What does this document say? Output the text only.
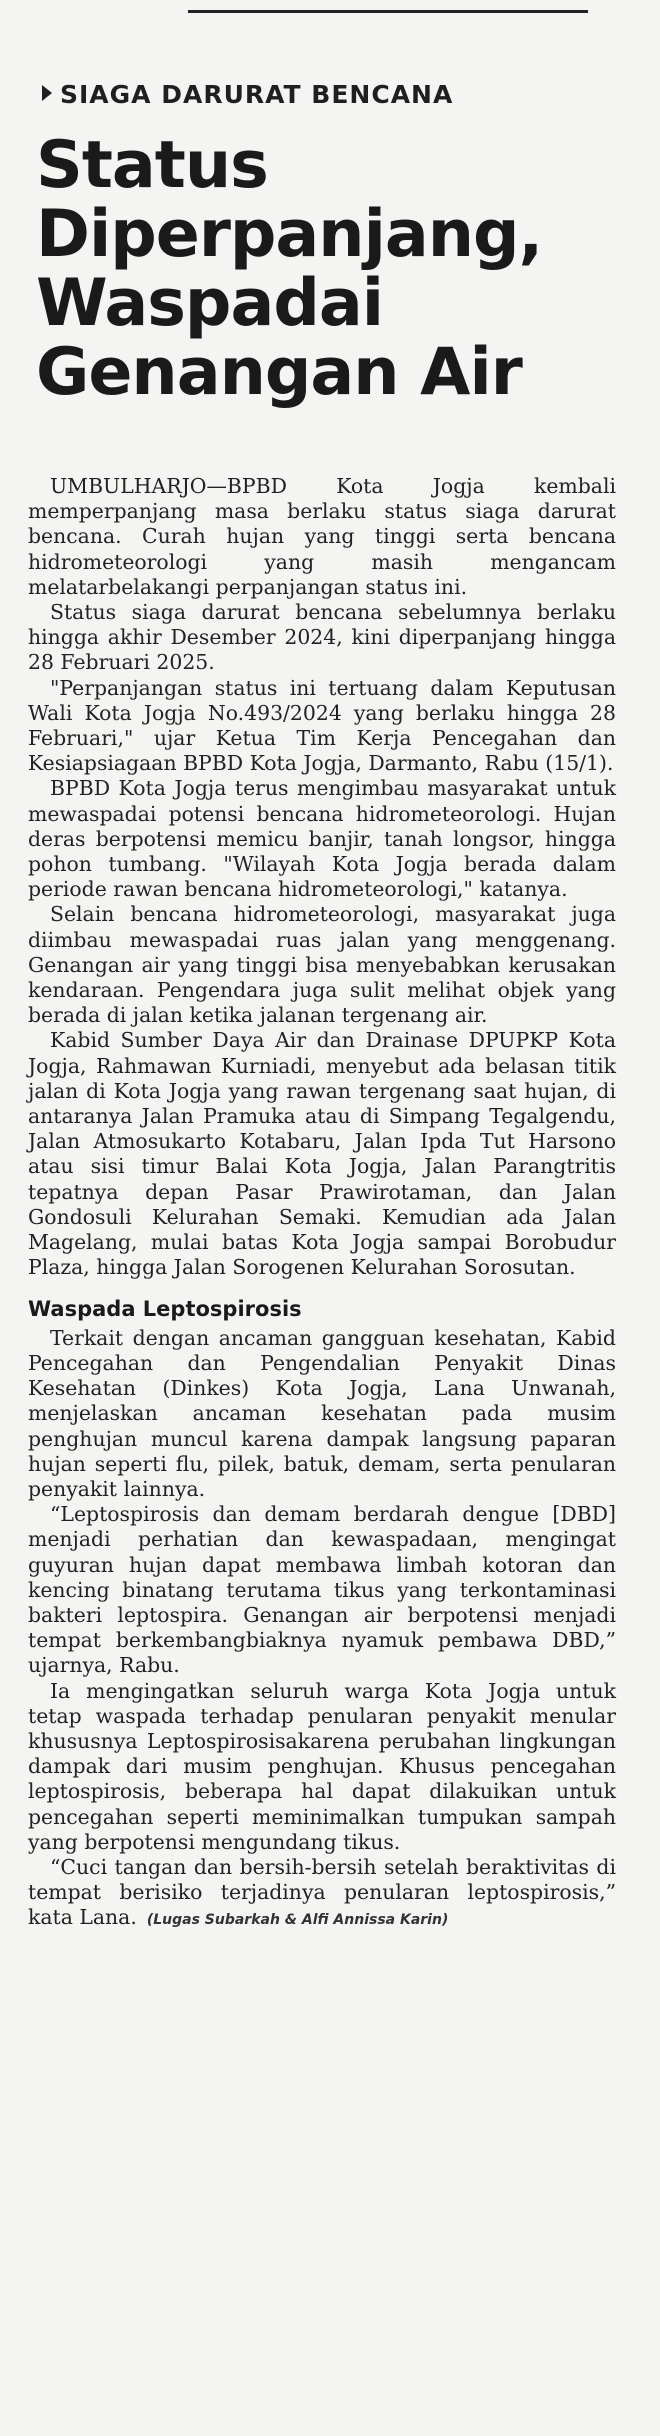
SIAGA DARURAT BENCANA
Status
Diperpanjang,
Waspadai
Genangan Air

UMBULHARJO—BPBD Kota Jogja kembali memperpanjang masa berlaku status siaga darurat bencana. Curah hujan yang tinggi serta bencana hidrometeorologi yang masih mengancam melatarbelakangi perpanjangan status ini.

Status siaga darurat bencana sebelumnya berlaku hingga akhir Desember 2024, kini diperpanjang hingga 28 Februari 2025.

"Perpanjangan status ini tertuang dalam Keputusan Wali Kota Jogja No.493/2024 yang berlaku hingga 28 Februari," ujar Ketua Tim Kerja Pencegahan dan Kesiapsiagaan BPBD Kota Jogja, Darmanto, Rabu (15/1).

BPBD Kota Jogja terus mengimbau masyarakat untuk mewaspadai potensi bencana hidrometeorologi. Hujan deras berpotensi memicu banjir, tanah longsor, hingga pohon tumbang. "Wilayah Kota Jogja berada dalam periode rawan bencana hidrometeorologi," katanya.

Selain bencana hidrometeorologi, masyarakat juga diimbau mewaspadai ruas jalan yang menggenang. Genangan air yang tinggi bisa menyebabkan kerusakan kendaraan. Pengendara juga sulit melihat objek yang berada di jalan ketika jalanan tergenang air.

Kabid Sumber Daya Air dan Drainase DPUPKP Kota Jogja, Rahmawan Kurniadi, menyebut ada belasan titik jalan di Kota Jogja yang rawan tergenang saat hujan, di antaranya Jalan Pramuka atau di Simpang Tegalgendu, Jalan Atmosukarto Kotabaru, Jalan Ipda Tut Harsono atau sisi timur Balai Kota Jogja, Jalan Parangtritis tepatnya depan Pasar Prawirotaman, dan Jalan Gondosuli Kelurahan Semaki. Kemudian ada Jalan Magelang, mulai batas Kota Jogja sampai Borobudur Plaza, hingga Jalan Sorogenen Kelurahan Sorosutan.

Waspada Leptospirosis

Terkait dengan ancaman gangguan kesehatan, Kabid Pencegahan dan Pengendalian Penyakit Dinas Kesehatan (Dinkes) Kota Jogja, Lana Unwanah, menjelaskan ancaman kesehatan pada musim penghujan muncul karena dampak langsung paparan hujan seperti flu, pilek, batuk, demam, serta penularan penyakit lainnya.

“Leptospirosis dan demam berdarah dengue [DBD] menjadi perhatian dan kewaspadaan, mengingat guyuran hujan dapat membawa limbah kotoran dan kencing binatang terutama tikus yang terkontaminasi bakteri leptospira. Genangan air berpotensi menjadi tempat berkembangbiaknya nyamuk pembawa DBD,” ujarnya, Rabu.

Ia mengingatkan seluruh warga Kota Jogja untuk tetap waspada terhadap penularan penyakit menular khususnya Leptospirosisakarena perubahan lingkungan dampak dari musim penghujan. Khusus pencegahan leptospirosis, beberapa hal dapat dilakuikan untuk pencegahan seperti meminimalkan tumpukan sampah yang berpotensi mengundang tikus.

“Cuci tangan dan bersih-bersih setelah beraktivitas di tempat berisiko terjadinya penularan leptospirosis,” kata Lana. (Lugas Subarkah & Alfi Annissa Karin)
